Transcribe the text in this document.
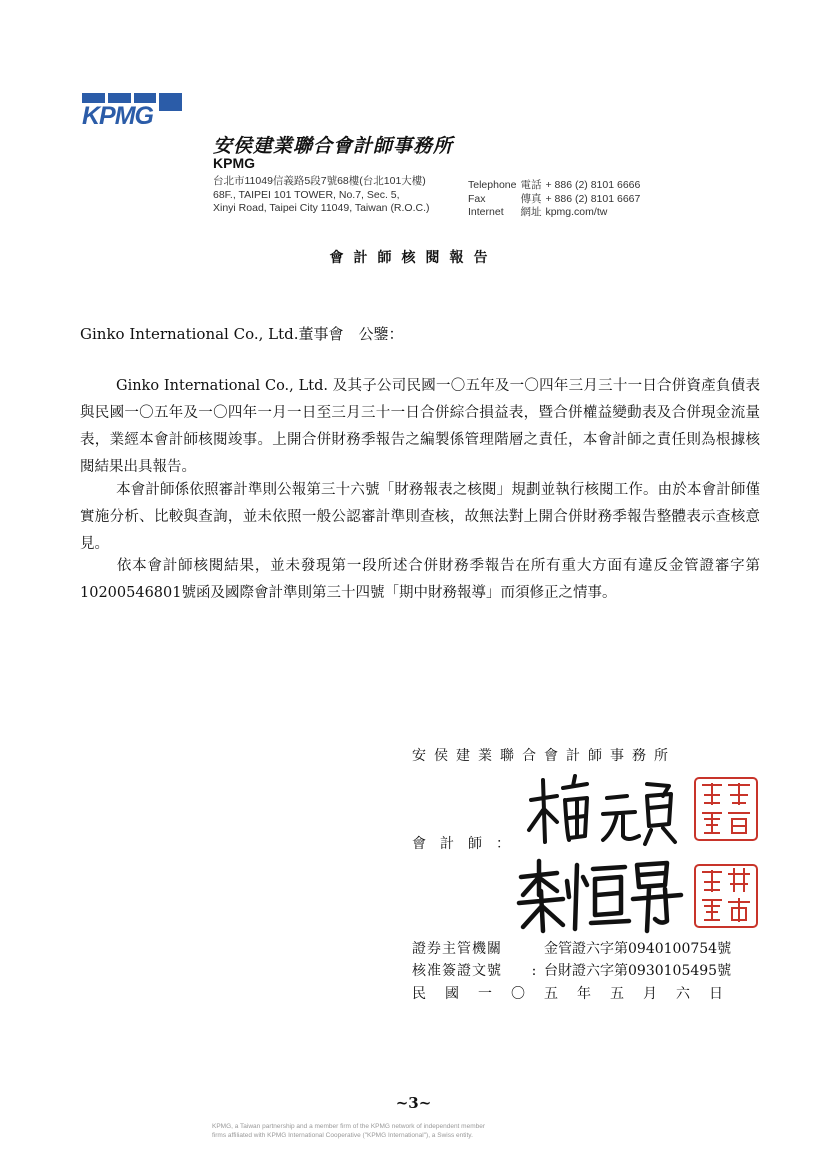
KPMG
安侯建業聯合會計師事務所
KPMG
台北市11049信義路5段7號68樓(台北101大樓)
68F., TAIPEI 101 TOWER, No.7, Sec. 5,
Xinyi Road, Taipei City 11049, Taiwan (R.O.C.)
Telephone	電話	+ 886 (2) 8101 6666
Fax	傳真	+ 886 (2) 8101 6667
Internet	網址	kpmg.com/tw
會計師核閱報告
Ginko International Co., Ltd.董事會　公鑒：
Ginko International Co., Ltd. 及其子公司民國一〇五年及一〇四年三月三十一日合併資產負債表與民國一〇五年及一〇四年一月一日至三月三十一日合併綜合損益表，暨合併權益變動表及合併現金流量表，業經本會計師核閱竣事。上開合併財務季報告之編製係管理階層之責任，本會計師之責任則為根據核閱結果出具報告。
本會計師係依照審計準則公報第三十六號「財務報表之核閱」規劃並執行核閱工作。由於本會計師僅實施分析、比較與查詢，並未依照一般公認審計準則查核，故無法對上開合併財務季報告整體表示查核意見。
依本會計師核閱結果，並未發現第一段所述合併財務季報告在所有重大方面有違反金管證審字第10200546801號函及國際會計準則第三十四號「期中財務報導」而須修正之情事。
安侯建業聯合會計師事務所
會計師：
證券主管機關	金管證六字第0940100754號
核准簽證文號	: 台財證六字第0930105495號
民國一〇五年五月六日
~3~
KPMG, a Taiwan partnership and a member firm of the KPMG network of independent member
firms affiliated with KPMG International Cooperative ("KPMG International"), a Swiss entity.
